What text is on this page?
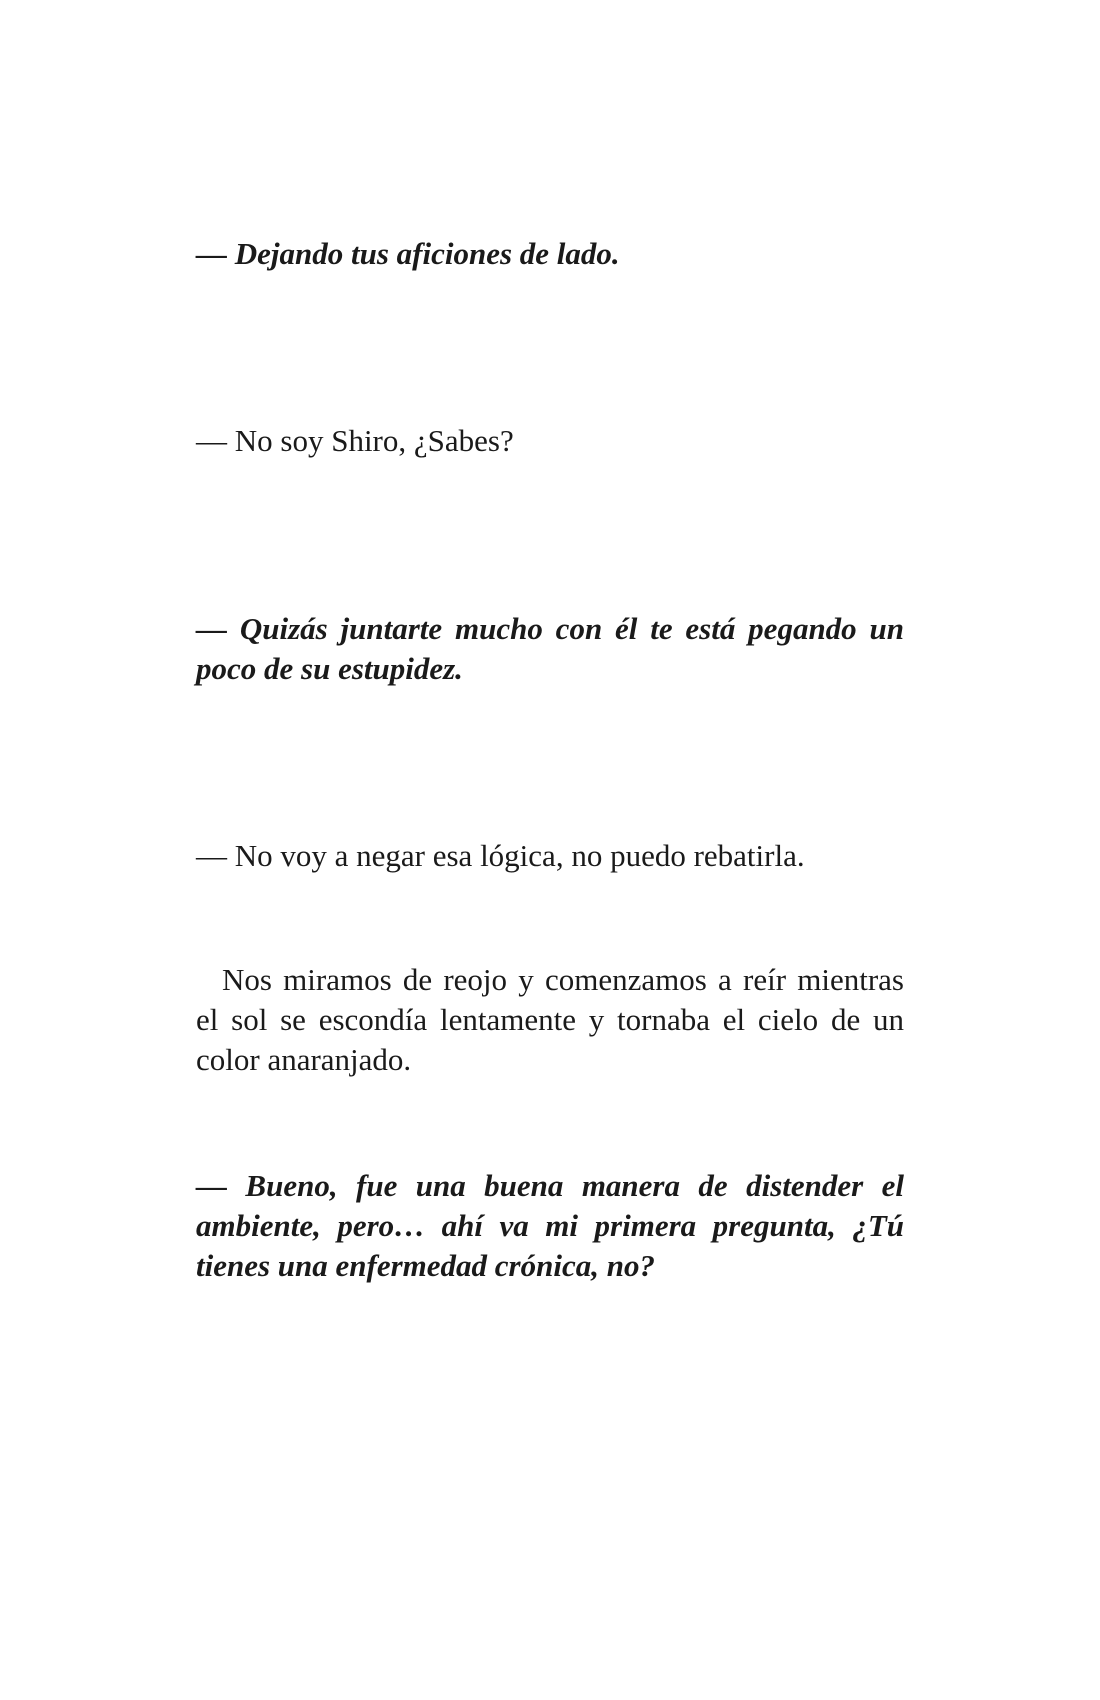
— Dejando tus aficiones de lado.

— No soy Shiro, ¿Sabes?

— Quizás juntarte mucho con él te está pegando un poco de su estupidez.

— No voy a negar esa lógica, no puedo rebatirla.

Nos miramos de reojo y comenzamos a reír mientras el sol se escondía lentamente y tornaba el cielo de un color anaranjado.

— Bueno, fue una buena manera de distender el ambiente, pero… ahí va mi primera pregunta, ¿Tú tienes una enfermedad crónica, no?
